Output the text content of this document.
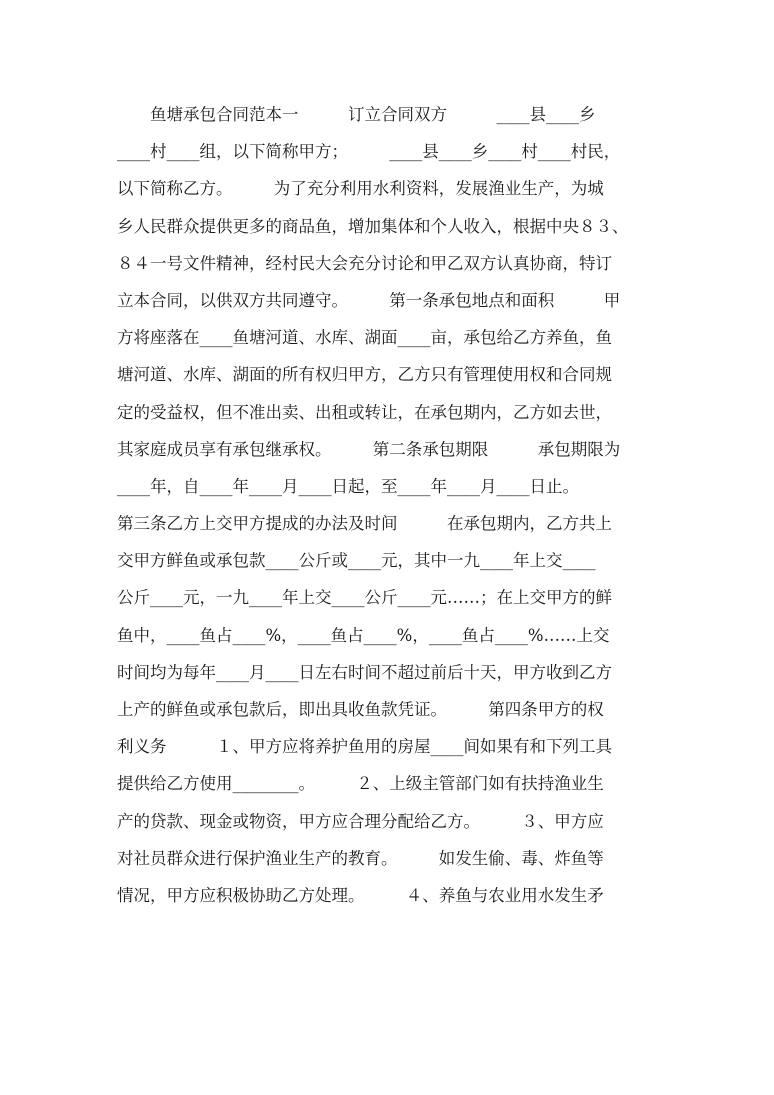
　　鱼塘承包合同范本一　　　订立合同双方　　　____县____乡
____村____组，以下简称甲方；　　　____县____乡____村____村民，
以下简称乙方。　　　为了充分利用水利资料，发展渔业生产，为城
乡人民群众提供更多的商品鱼，增加集体和个人收入，根据中央８３、
８４一号文件精神，经村民大会充分讨论和甲乙双方认真协商，特订
立本合同，以供双方共同遵守。　　　第一条承包地点和面积　　　甲
方将座落在____鱼塘河道、水库、湖面____亩，承包给乙方养鱼，鱼
塘河道、水库、湖面的所有权归甲方，乙方只有管理使用权和合同规
定的受益权，但不准出卖、出租或转让，在承包期内，乙方如去世，
其家庭成员享有承包继承权。　　　第二条承包期限　　　承包期限为
____年，自____年____月____日起，至____年____月____日止。
第三条乙方上交甲方提成的办法及时间　　　在承包期内，乙方共上
交甲方鲜鱼或承包款____公斤或____元，其中一九____年上交____
公斤____元，一九____年上交____公斤____元……；在上交甲方的鲜
鱼中，____鱼占____%，____鱼占____%，____鱼占____%……上交
时间均为每年____月____日左右时间不超过前后十天，甲方收到乙方
上产的鲜鱼或承包款后，即出具收鱼款凭证。　　　第四条甲方的权
利义务　　　１、甲方应将养护鱼用的房屋____间如果有和下列工具
提供给乙方使用________。　　　２、上级主管部门如有扶持渔业生
产的贷款、现金或物资，甲方应合理分配给乙方。　　　３、甲方应
对社员群众进行保护渔业生产的教育。　　　如发生偷、毒、炸鱼等
情况，甲方应积极协助乙方处理。　　　４、养鱼与农业用水发生矛
